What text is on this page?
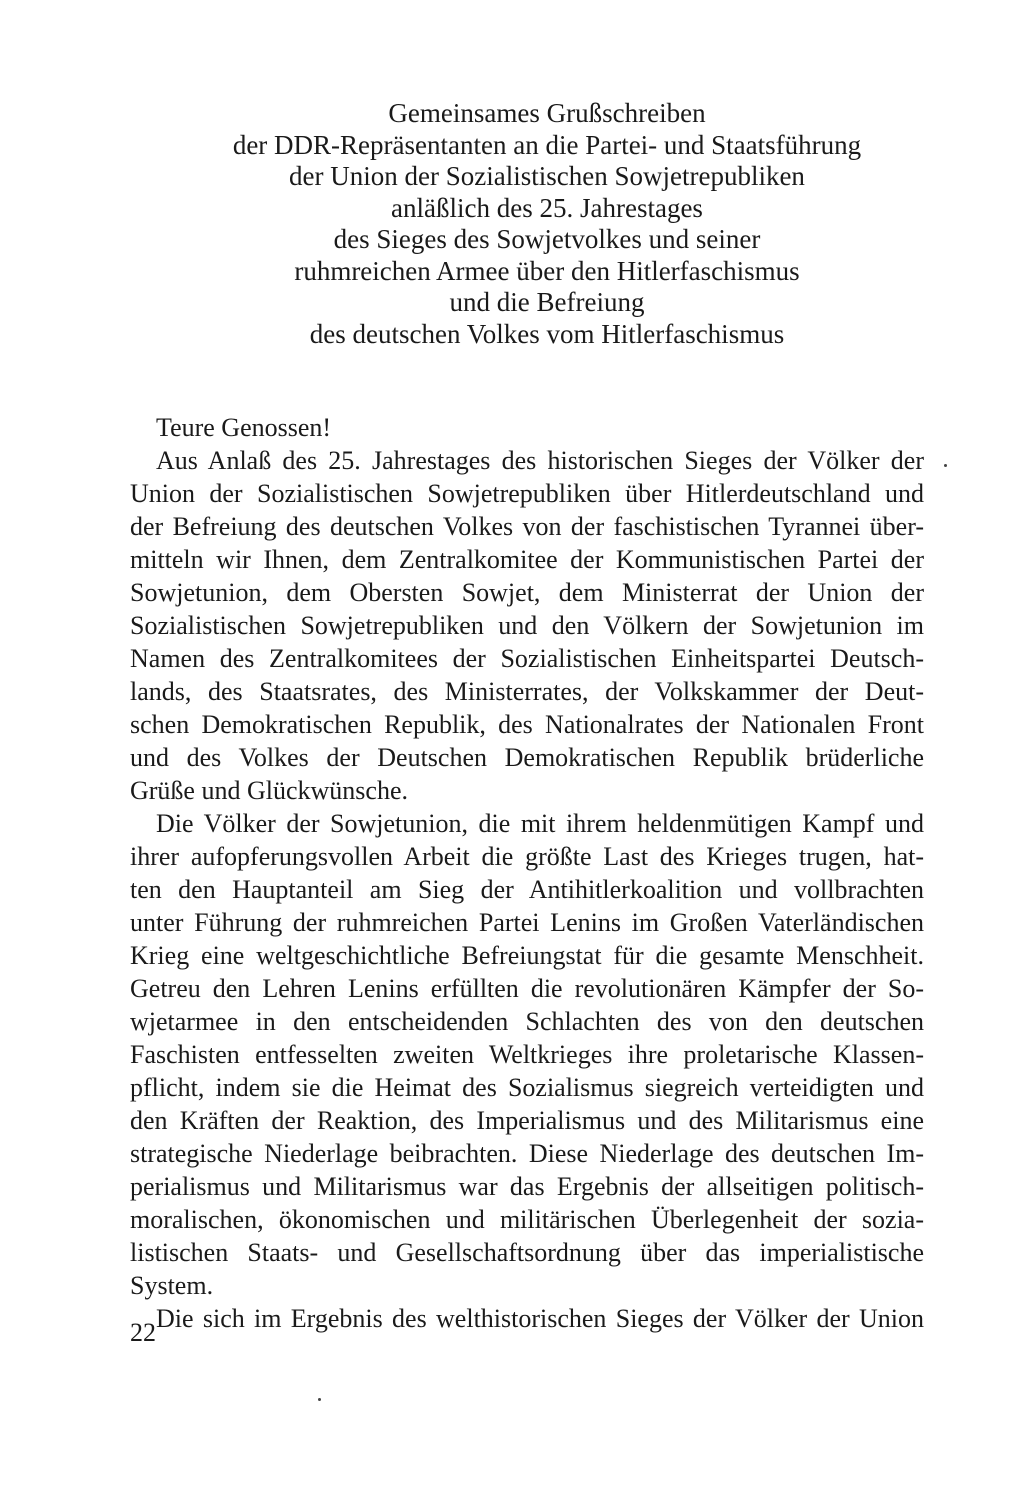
Gemeinsames Grußschreiben
der DDR-Repräsentanten an die Partei- und Staatsführung
der Union der Sozialistischen Sowjetrepubliken
anläßlich des 25. Jahrestages
des Sieges des Sowjetvolkes und seiner
ruhmreichen Armee über den Hitlerfaschismus
und die Befreiung
des deutschen Volkes vom Hitlerfaschismus
Teure Genossen!
Aus Anlaß des 25. Jahrestages des historischen Sieges der Völker der
Union der Sozialistischen Sowjetrepubliken über Hitlerdeutschland und
der Befreiung des deutschen Volkes von der faschistischen Tyrannei über-
mitteln wir Ihnen, dem Zentralkomitee der Kommunistischen Partei der
Sowjetunion, dem Obersten Sowjet, dem Ministerrat der Union der
Sozialistischen Sowjetrepubliken und den Völkern der Sowjetunion im
Namen des Zentralkomitees der Sozialistischen Einheitspartei Deutsch-
lands, des Staatsrates, des Ministerrates, der Volkskammer der Deut-
schen Demokratischen Republik, des Nationalrates der Nationalen Front
und des Volkes der Deutschen Demokratischen Republik brüderliche
Grüße und Glückwünsche.
Die Völker der Sowjetunion, die mit ihrem heldenmütigen Kampf und
ihrer aufopferungsvollen Arbeit die größte Last des Krieges trugen, hat-
ten den Hauptanteil am Sieg der Antihitlerkoalition und vollbrachten
unter Führung der ruhmreichen Partei Lenins im Großen Vaterländischen
Krieg eine weltgeschichtliche Befreiungstat für die gesamte Menschheit.
Getreu den Lehren Lenins erfüllten die revolutionären Kämpfer der So-
wjetarmee in den entscheidenden Schlachten des von den deutschen
Faschisten entfesselten zweiten Weltkrieges ihre proletarische Klassen-
pflicht, indem sie die Heimat des Sozialismus siegreich verteidigten und
den Kräften der Reaktion, des Imperialismus und des Militarismus eine
strategische Niederlage beibrachten. Diese Niederlage des deutschen Im-
perialismus und Militarismus war das Ergebnis der allseitigen politisch-
moralischen, ökonomischen und militärischen Überlegenheit der sozia-
listischen Staats- und Gesellschaftsordnung über das imperialistische
System.
Die sich im Ergebnis des welthistorischen Sieges der Völker der Union
22
